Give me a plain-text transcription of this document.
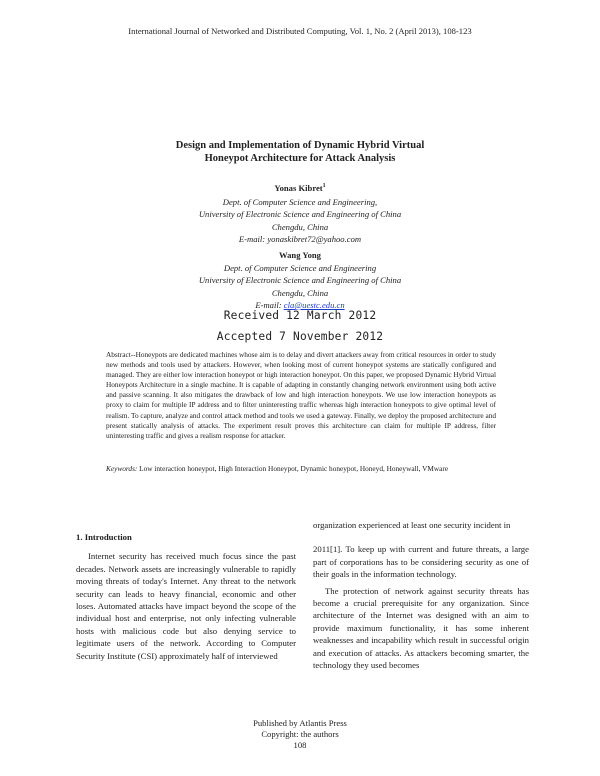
International Journal of Networked and Distributed Computing, Vol. 1, No. 2 (April 2013), 108-123
Design and Implementation of Dynamic Hybrid Virtual
Honeypot Architecture for Attack Analysis
Yonas Kibret$^1$
Dept. of Computer Science and Engineering,
University of Electronic Science and Engineering of China
Chengdu, China
E-mail: yonaskibret72@yahoo.com
Wang Yong
Dept. of Computer Science and Engineering
University of Electronic Science and Engineering of China
Chengdu, China
E-mail: cla@uestc.edu.cn
Received 12 March 2012
Accepted 7 November 2012
Abstract--Honeypots are dedicated machines whose aim is to delay and divert attackers away from critical resources in order to study new methods and tools used by attackers. However, when looking most of current honeypot systems are statically configured and managed. They are either low interaction honeypot or high interaction honeypot. On this paper, we proposed Dynamic Hybrid Virtual Honeypots Architecture in a single machine. It is capable of adapting in constantly changing network environment using both active and passive scanning. It also mitigates the drawback of low and high interaction honeypots. We use low interaction honeypots as proxy to claim for multiple IP address and to filter uninteresting traffic whereas high interaction honeypots to give optimal level of realism. To capture, analyze and control attack method and tools we used a gateway. Finally, we deploy the proposed architecture and present statically analysis of attacks. The experiment result proves this architecture can claim for multiple IP address, filter uninteresting traffic and gives a realism response for attacker.
Keywords: Low interaction honeypot, High Interaction Honeypot, Dynamic honeypot, Honeyd, Honeywall, VMware
1. Introduction

Internet security has received much focus since the past decades. Network assets are increasingly vulnerable to rapidly moving threats of today's Internet. Any threat to the network security can leads to heavy financial, economic and other loses. Automated attacks have impact beyond the scope of the individual host and enterprise, not only infecting vulnerable hosts with malicious code but also denying service to legitimate users of the network. According to Computer Security Institute (CSI) approximately half of interviewed

organization experienced at least one security incident in

2011[1]. To keep up with current and future threats, a large part of corporations has to be considering security as one of their goals in the information technology.

The protection of network against security threats has become a crucial prerequisite for any organization. Since architecture of the Internet was designed with an aim to provide maximum functionality, it has some inherent weaknesses and incapability which result in successful origin and execution of attacks. As attackers becoming smarter, the technology they used becomes

Published by Atlantis Press
Copyright: the authors
108
